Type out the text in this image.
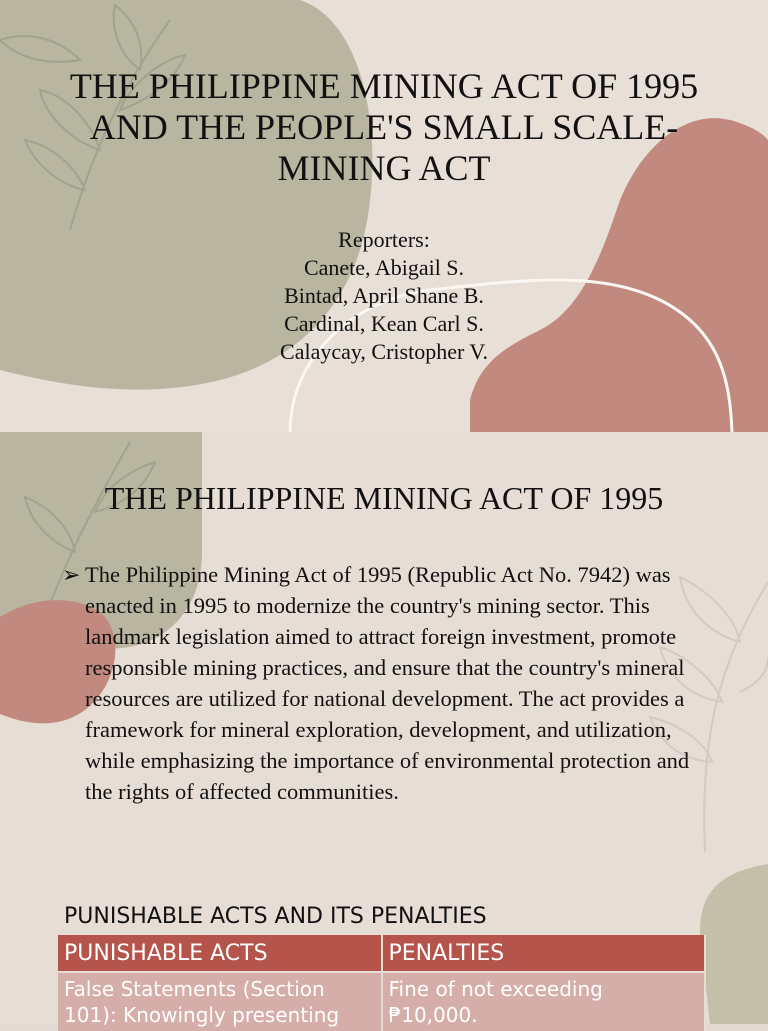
THE PHILIPPINE MINING ACT OF 1995 AND THE PEOPLE'S SMALL SCALE-MINING ACT
Reporters:
Canete, Abigail S.
Bintad, April Shane B.
Cardinal, Kean Carl S.
Calaycay, Cristopher V.
THE PHILIPPINE MINING ACT OF 1995
➢ The Philippine Mining Act of 1995 (Republic Act No. 7942) was enacted in 1995 to modernize the country's mining sector. This landmark legislation aimed to attract foreign investment, promote responsible mining practices, and ensure that the country's mineral resources are utilized for national development. The act provides a framework for mineral exploration, development, and utilization, while emphasizing the importance of environmental protection and the rights of affected communities.

PUNISHABLE ACTS AND ITS PENALTIES
PUNISHABLE ACTS	PENALTIES
False Statements (Section 101): Knowingly presenting	Fine of not exceeding ₱10,000.
